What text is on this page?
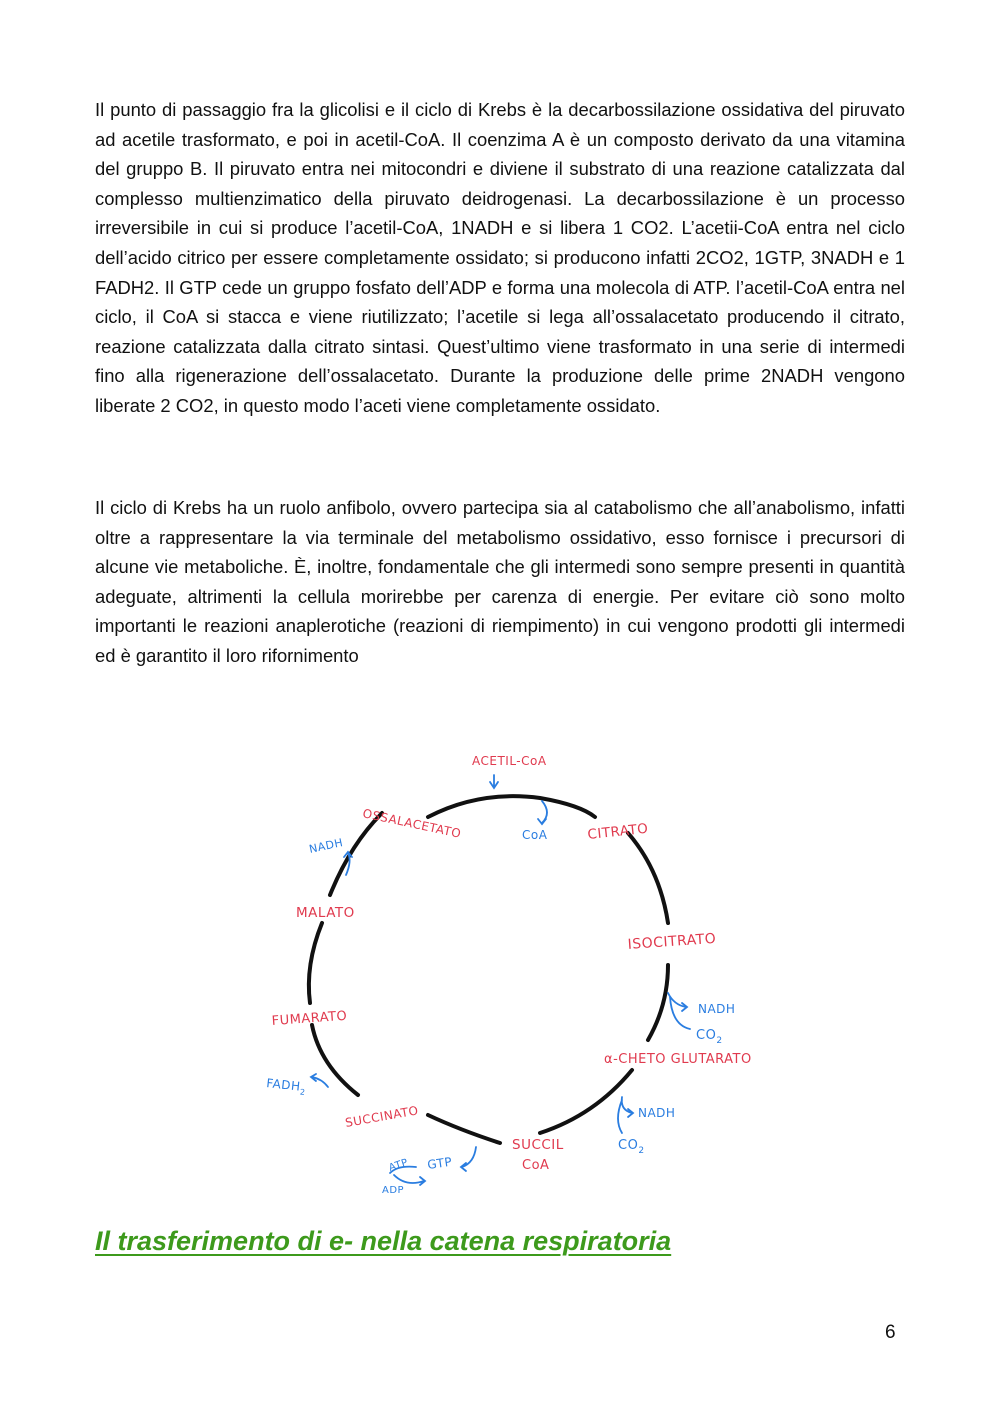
Il punto di passaggio fra la glicolisi e il ciclo di Krebs è la decarbossilazione ossidativa del piruvato ad acetile trasformato, e poi in acetil-CoA. Il coenzima A è un composto derivato da una vitamina del gruppo B. Il piruvato entra nei mitocondri e diviene il substrato di una reazione catalizzata dal complesso multienzimatico della piruvato deidrogenasi. La decarbossilazione è un processo irreversibile in cui si produce l’acetil-CoA, 1NADH e si libera 1 CO2. L’acetii-CoA entra nel ciclo dell’acido citrico per essere completamente ossidato; si producono infatti 2CO2, 1GTP, 3NADH e 1 FADH2. Il GTP cede un gruppo fosfato dell’ADP e forma una molecola di ATP. l’acetil-CoA entra nel ciclo, il CoA si stacca e viene riutilizzato; l’acetile si lega all’ossalacetato producendo il citrato, reazione catalizzata dalla citrato sintasi. Quest’ultimo viene trasformato in una serie di intermedi fino alla rigenerazione dell’ossalacetato. Durante la produzione delle prime 2NADH vengono liberate 2 CO2, in questo modo l’aceti viene completamente ossidato.

Il ciclo di Krebs ha un ruolo anfibolo, ovvero partecipa sia al catabolismo che all’anabolismo, infatti oltre a rappresentare la via terminale del metabolismo ossidativo, esso fornisce i precursori di alcune vie metaboliche. È, inoltre, fondamentale che gli intermedi sono sempre presenti in quantità adeguate, altrimenti la cellula morirebbe per carenza di energie. Per evitare ciò sono molto importanti le reazioni anaplerotiche (reazioni di riempimento) in cui vengono prodotti gli intermedi ed è garantito il loro rifornimento

ACETIL-CoA
OSSALACETATO	CITRATO
ISOCITRATO
α-CHETO GLUTARATO
SUCCIL
CoA
SUCCINATO
FUMARATO
MALATO
CoA
NADH
NADH
$CO_2$
NADH
$CO_2$
GTP
ATP
ADP
$FADH_2$
Il trasferimento di e- nella catena respiratoria
6
